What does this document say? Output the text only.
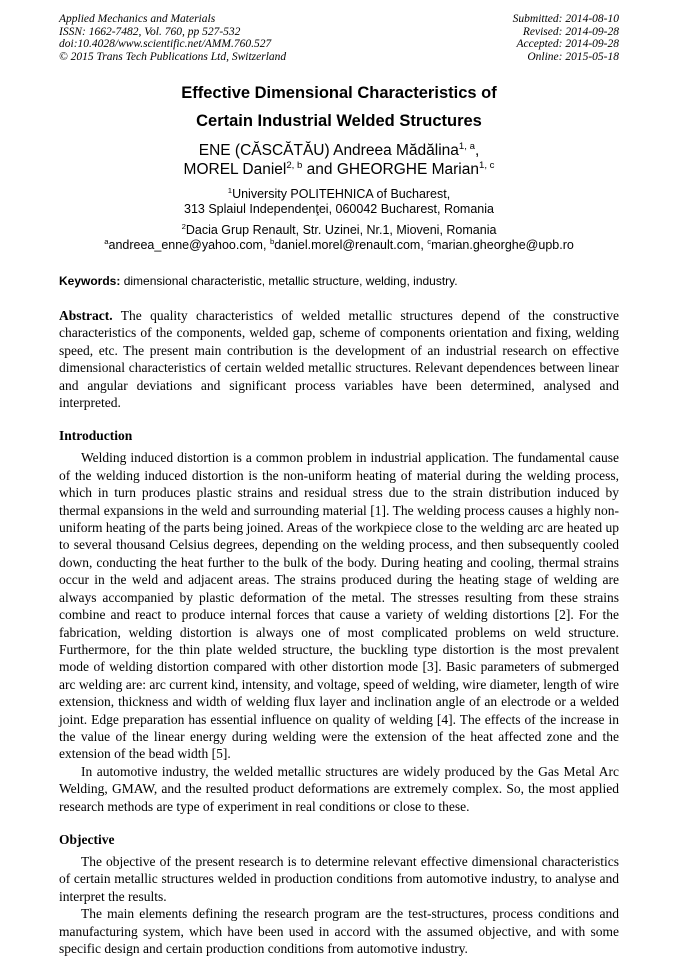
Applied Mechanics and Materials
ISSN: 1662-7482, Vol. 760, pp 527-532
doi:10.4028/www.scientific.net/AMM.760.527
© 2015 Trans Tech Publications Ltd, Switzerland
Submitted: 2014-08-10
Revised: 2014-09-28
Accepted: 2014-09-28
Online: 2015-05-18
Effective Dimensional Characteristics of
Certain Industrial Welded Structures
ENE (CĂSCĂTĂU) Andreea Mădălina$^{1, a}$,
MOREL Daniel$^{2, b}$ and GHEORGHE Marian$^{1, c}$
$^1$University POLITEHNICA of Bucharest,
313 Splaiul Independenţei, 060042 Bucharest, Romania
$^2$Dacia Grup Renault, Str. Uzinei, Nr.1, Mioveni, Romania
$^a$andreea_enne@yahoo.com, $^b$daniel.morel@renault.com, $^c$marian.gheorghe@upb.ro
Keywords: dimensional characteristic, metallic structure, welding, industry.
Abstract. The quality characteristics of welded metallic structures depend of the constructive characteristics of the components, welded gap, scheme of components orientation and fixing, welding speed, etc. The present main contribution is the development of an industrial research on effective dimensional characteristics of certain welded metallic structures. Relevant dependences between linear and angular deviations and significant process variables have been determined, analysed and interpreted.
Introduction

Welding induced distortion is a common problem in industrial application. The fundamental cause of the welding induced distortion is the non-uniform heating of material during the welding process, which in turn produces plastic strains and residual stress due to the strain distribution induced by thermal expansions in the weld and surrounding material [1]. The welding process causes a highly non-uniform heating of the parts being joined. Areas of the workpiece close to the welding arc are heated up to several thousand Celsius degrees, depending on the welding process, and then subsequently cooled down, conducting the heat further to the bulk of the body. During heating and cooling, thermal strains occur in the weld and adjacent areas. The strains produced during the heating stage of welding are always accompanied by plastic deformation of the metal. The stresses resulting from these strains combine and react to produce internal forces that cause a variety of welding distortions [2]. For the fabrication, welding distortion is always one of most complicated problems on weld structure. Furthermore, for the thin plate welded structure, the buckling type distortion is the most prevalent mode of welding distortion compared with other distortion mode [3]. Basic parameters of submerged arc welding are: arc current kind, intensity, and voltage, speed of welding, wire diameter, length of wire extension, thickness and width of welding flux layer and inclination angle of an electrode or a welded joint. Edge preparation has essential influence on quality of welding [4]. The effects of the increase in the value of the linear energy during welding were the extension of the heat affected zone and the extension of the bead width [5].

In automotive industry, the welded metallic structures are widely produced by the Gas Metal Arc Welding, GMAW, and the resulted product deformations are extremely complex. So, the most applied research methods are type of experiment in real conditions or close to these.

Objective

The objective of the present research is to determine relevant effective dimensional characteristics of certain metallic structures welded in production conditions from automotive industry, to analyse and interpret the results.

The main elements defining the research program are the test-structures, process conditions and manufacturing system, which have been used in accord with the assumed objective, and with some specific design and certain production conditions from automotive industry.
